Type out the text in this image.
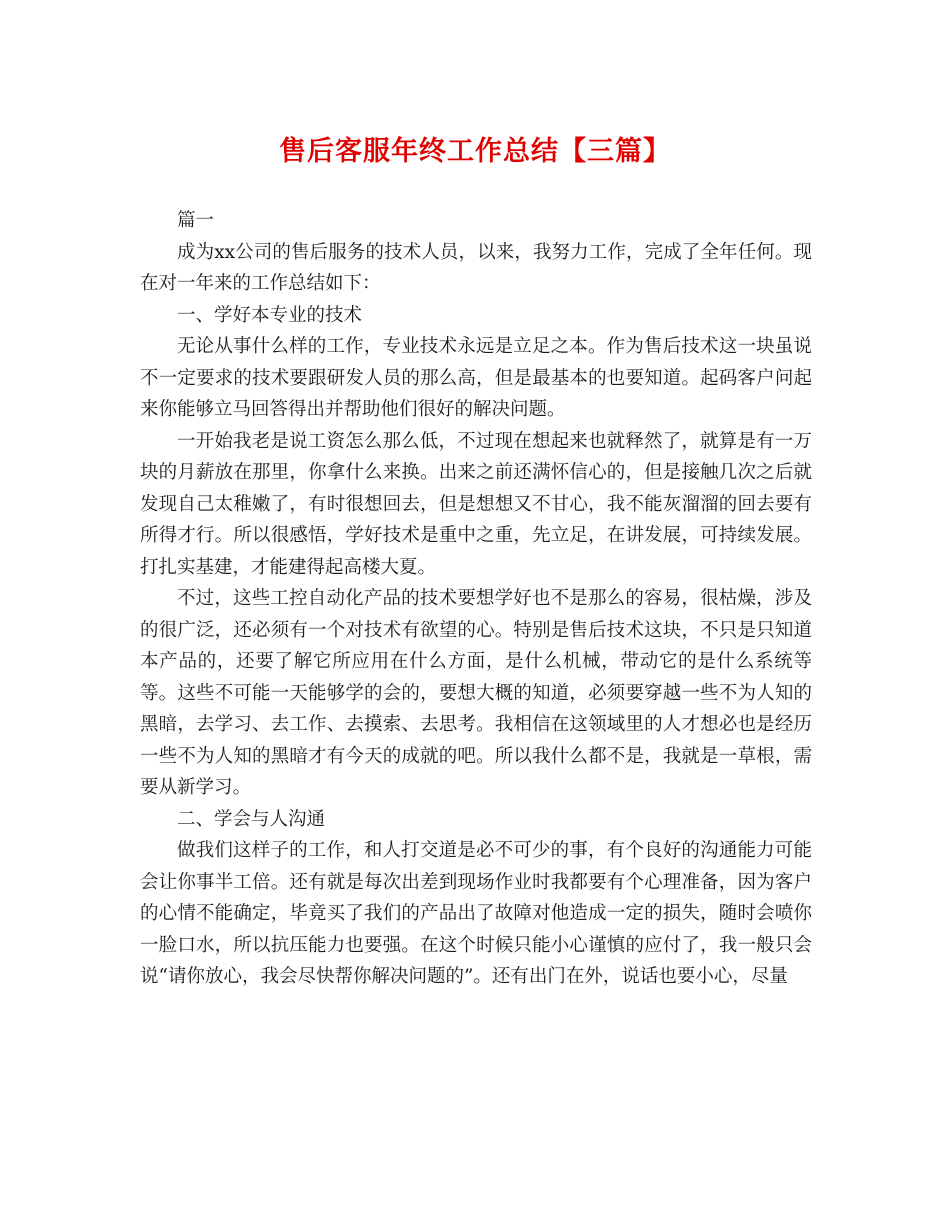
售后客服年终工作总结【三篇】

篇一

成为xx公司的售后服务的技术人员，以来，我努力工作，完成了全年任何。现在对一年来的工作总结如下：

一、学好本专业的技术

无论从事什么样的工作，专业技术永远是立足之本。作为售后技术这一块虽说不一定要求的技术要跟研发人员的那么高，但是最基本的也要知道。起码客户问起来你能够立马回答得出并帮助他们很好的解决问题。

一开始我老是说工资怎么那么低，不过现在想起来也就释然了，就算是有一万块的月薪放在那里，你拿什么来换。出来之前还满怀信心的，但是接触几次之后就发现自己太稚嫩了，有时很想回去，但是想想又不甘心，我不能灰溜溜的回去要有所得才行。所以很感悟，学好技术是重中之重，先立足，在讲发展，可持续发展。打扎实基建，才能建得起高楼大夏。

不过，这些工控自动化产品的技术要想学好也不是那么的容易，很枯燥，涉及的很广泛，还必须有一个对技术有欲望的心。特别是售后技术这块，不只是只知道本产品的，还要了解它所应用在什么方面，是什么机械，带动它的是什么系统等等。这些不可能一天能够学的会的，要想大概的知道，必须要穿越一些不为人知的黑暗，去学习、去工作、去摸索、去思考。我相信在这领域里的人才想必也是经历一些不为人知的黑暗才有今天的成就的吧。所以我什么都不是，我就是一草根，需要从新学习。

二、学会与人沟通

做我们这样子的工作，和人打交道是必不可少的事，有个良好的沟通能力可能会让你事半工倍。还有就是每次出差到现场作业时我都要有个心理准备，因为客户的心情不能确定，毕竟买了我们的产品出了故障对他造成一定的损失，随时会喷你一脸口水，所以抗压能力也要强。在这个时候只能小心谨慎的应付了，我一般只会说“请你放心，我会尽快帮你解决问题的”。还有出门在外，说话也要小心，尽量
